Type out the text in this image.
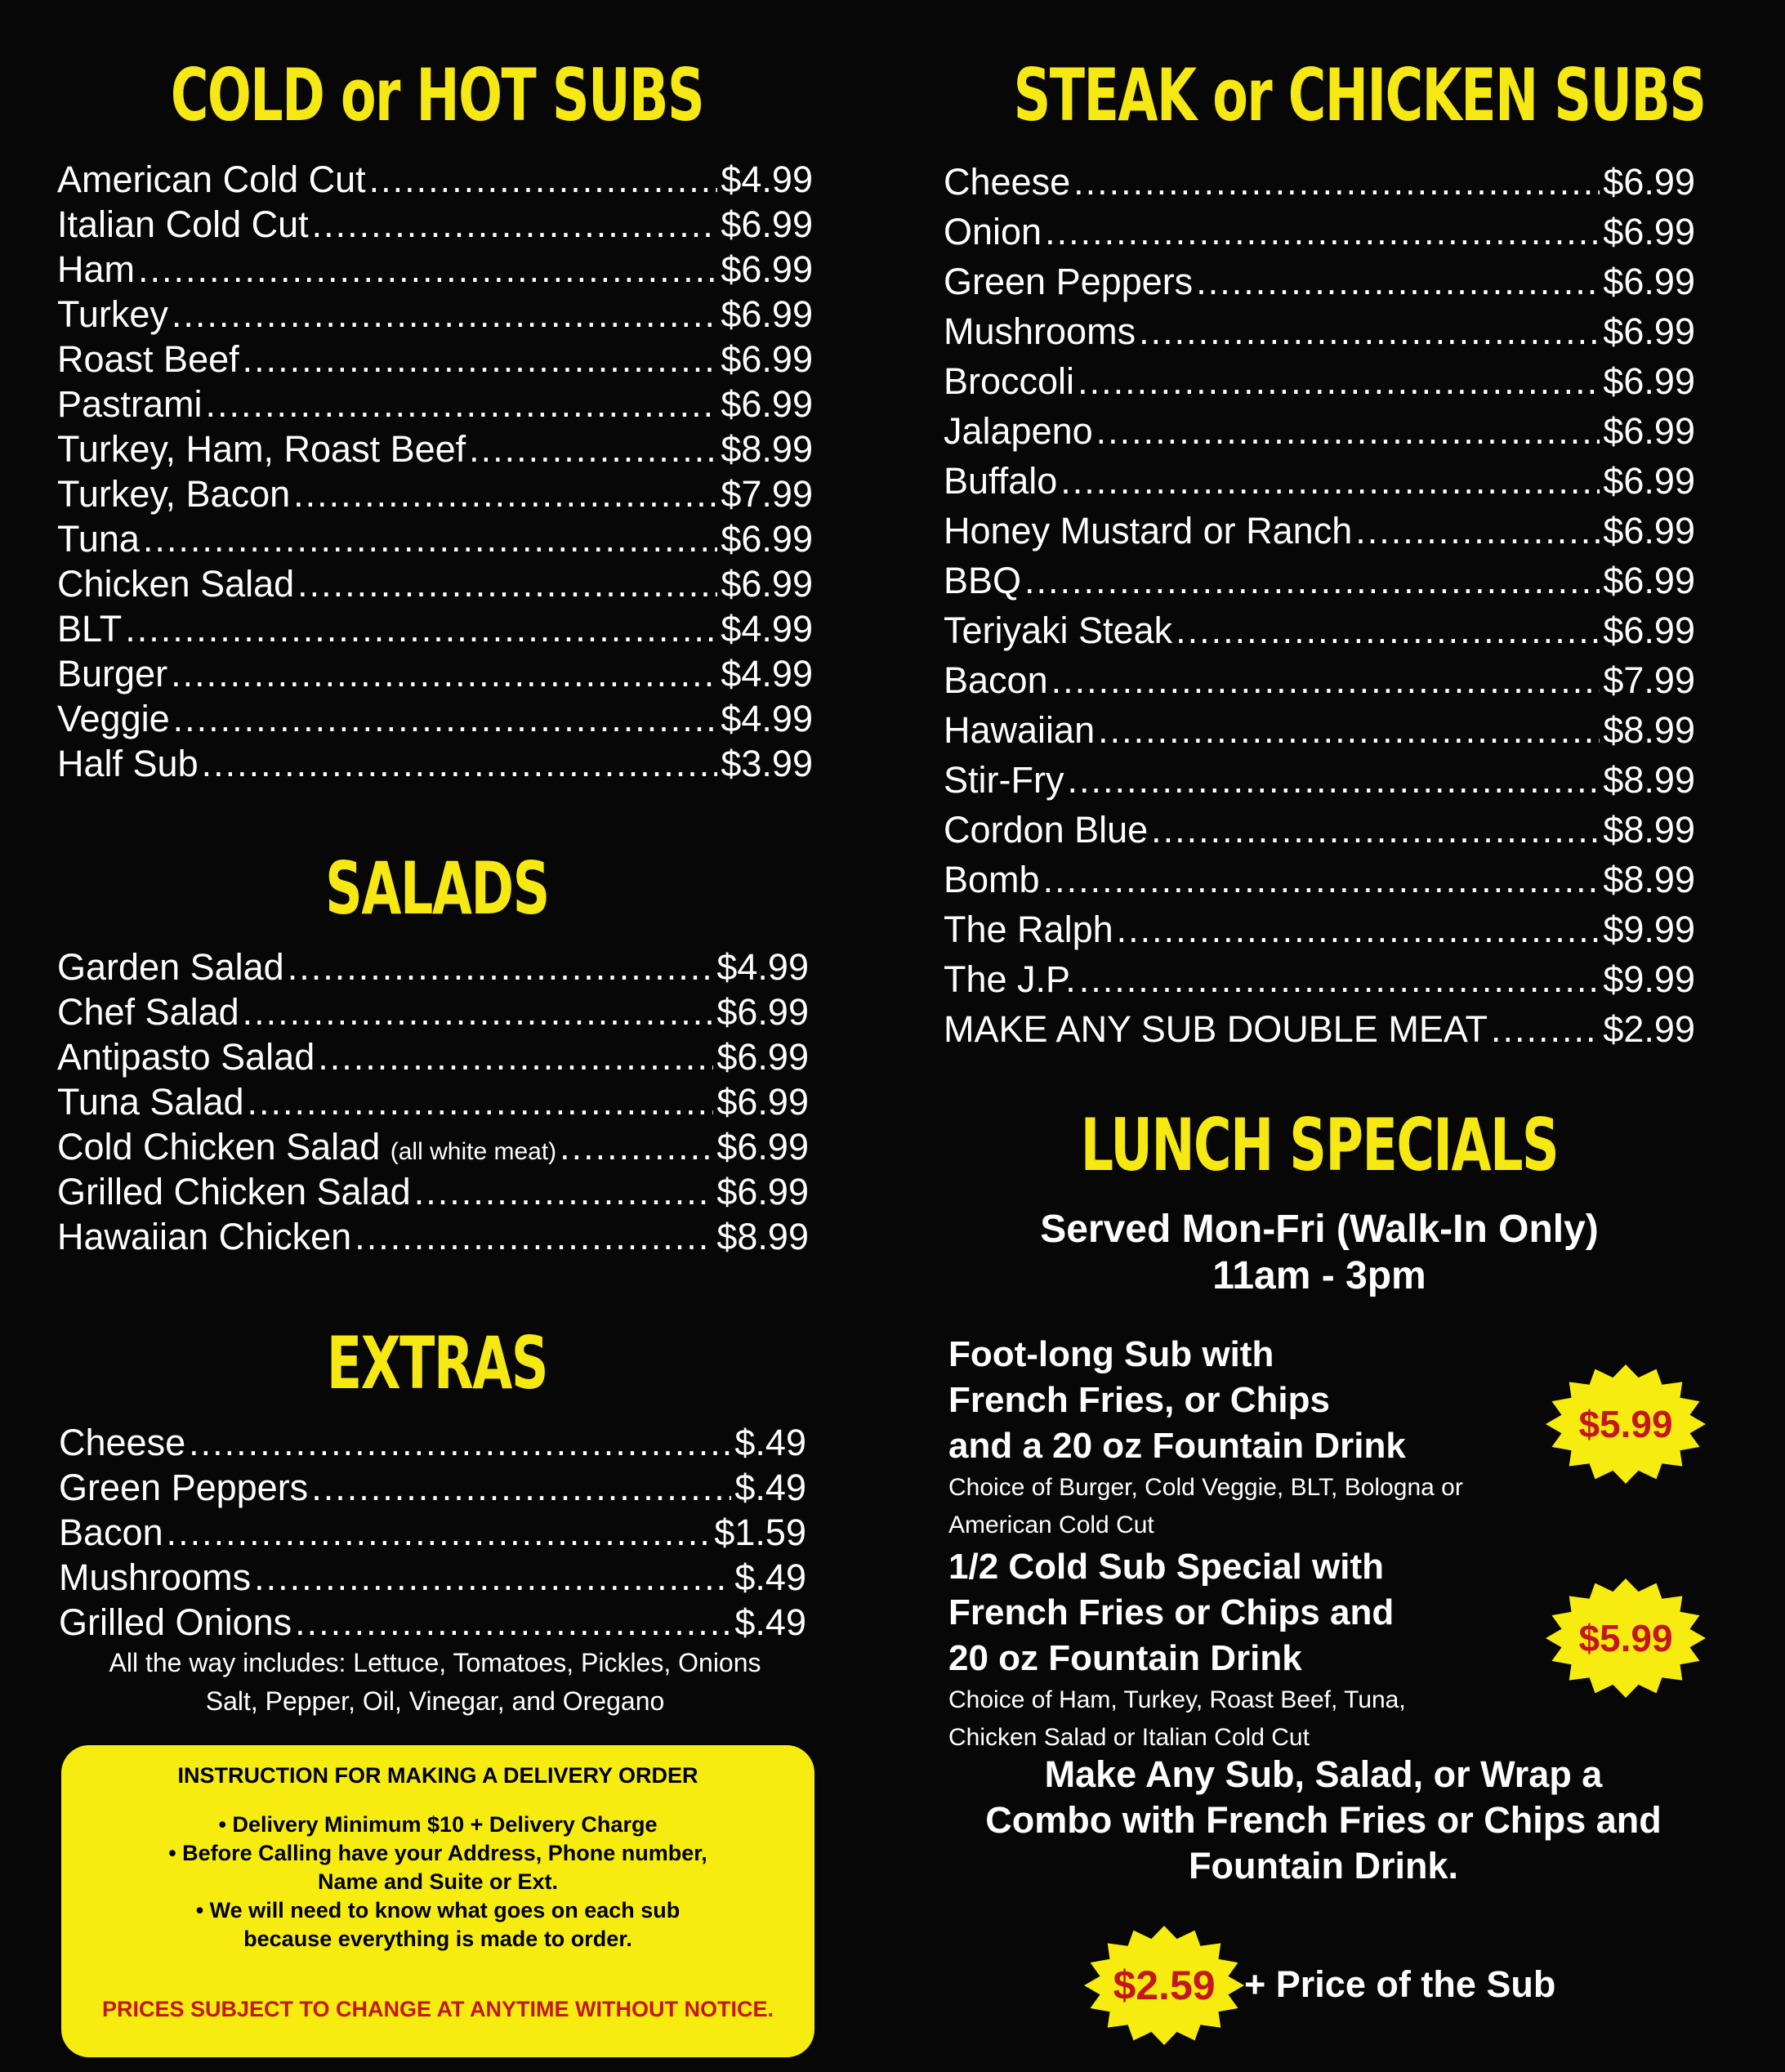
COLD or HOT SUBS
American Cold Cut .....	$4.99
Italian Cold Cut .....	$6.99
Ham .....	$6.99
Turkey .....	$6.99
Roast Beef .....	$6.99
Pastrami .....	$6.99
Turkey, Ham, Roast Beef .....	$8.99
Turkey, Bacon .....	$7.99
Tuna .....	$6.99
Chicken Salad .....	$6.99
BLT .....	$4.99
Burger .....	$4.99
Veggie .....	$4.99
Half Sub .....	$3.99
SALADS
Garden Salad .....	$4.99
Chef Salad .....	$6.99
Antipasto Salad .....	$6.99
Tuna Salad .....	$6.99
Cold Chicken Salad (all white meat) .....	$6.99
Grilled Chicken Salad .....	$6.99
Hawaiian Chicken .....	$8.99
EXTRAS
Cheese .....	$.49
Green Peppers .....	$.49
Bacon .....	$1.59
Mushrooms .....	$.49
Grilled Onions .....	$.49
All the way includes: Lettuce, Tomatoes, Pickles, Onions
Salt, Pepper, Oil, Vinegar, and Oregano
INSTRUCTION FOR MAKING A DELIVERY ORDER
• Delivery Minimum $10 + Delivery Charge
• Before Calling have your Address, Phone number,
Name and Suite or Ext.
• We will need to know what goes on each sub
because everything is made to order.
PRICES SUBJECT TO CHANGE AT ANYTIME WITHOUT NOTICE.
STEAK or CHICKEN SUBS
Cheese .....	$6.99
Onion .....	$6.99
Green Peppers .....	$6.99
Mushrooms .....	$6.99
Broccoli .....	$6.99
Jalapeno .....	$6.99
Buffalo .....	$6.99
Honey Mustard or Ranch .....	$6.99
BBQ .....	$6.99
Teriyaki Steak .....	$6.99
Bacon .....	$7.99
Hawaiian .....	$8.99
Stir-Fry .....	$8.99
Cordon Blue .....	$8.99
Bomb .....	$8.99
The Ralph .....	$9.99
The J.P. .....	$9.99
MAKE ANY SUB DOUBLE MEAT .....	$2.99
LUNCH SPECIALS
Served Mon-Fri (Walk-In Only)
11am - 3pm
Foot-long Sub with
French Fries, or Chips
and a 20 oz Fountain Drink
Choice of Burger, Cold Veggie, BLT, Bologna or
American Cold Cut
$5.99
1/2 Cold Sub Special with
French Fries or Chips and
20 oz Fountain Drink
Choice of Ham, Turkey, Roast Beef, Tuna,
Chicken Salad or Italian Cold Cut
$5.99
Make Any Sub, Salad, or Wrap a
Combo with French Fries or Chips and
Fountain Drink.
$2.59 + Price of the Sub
